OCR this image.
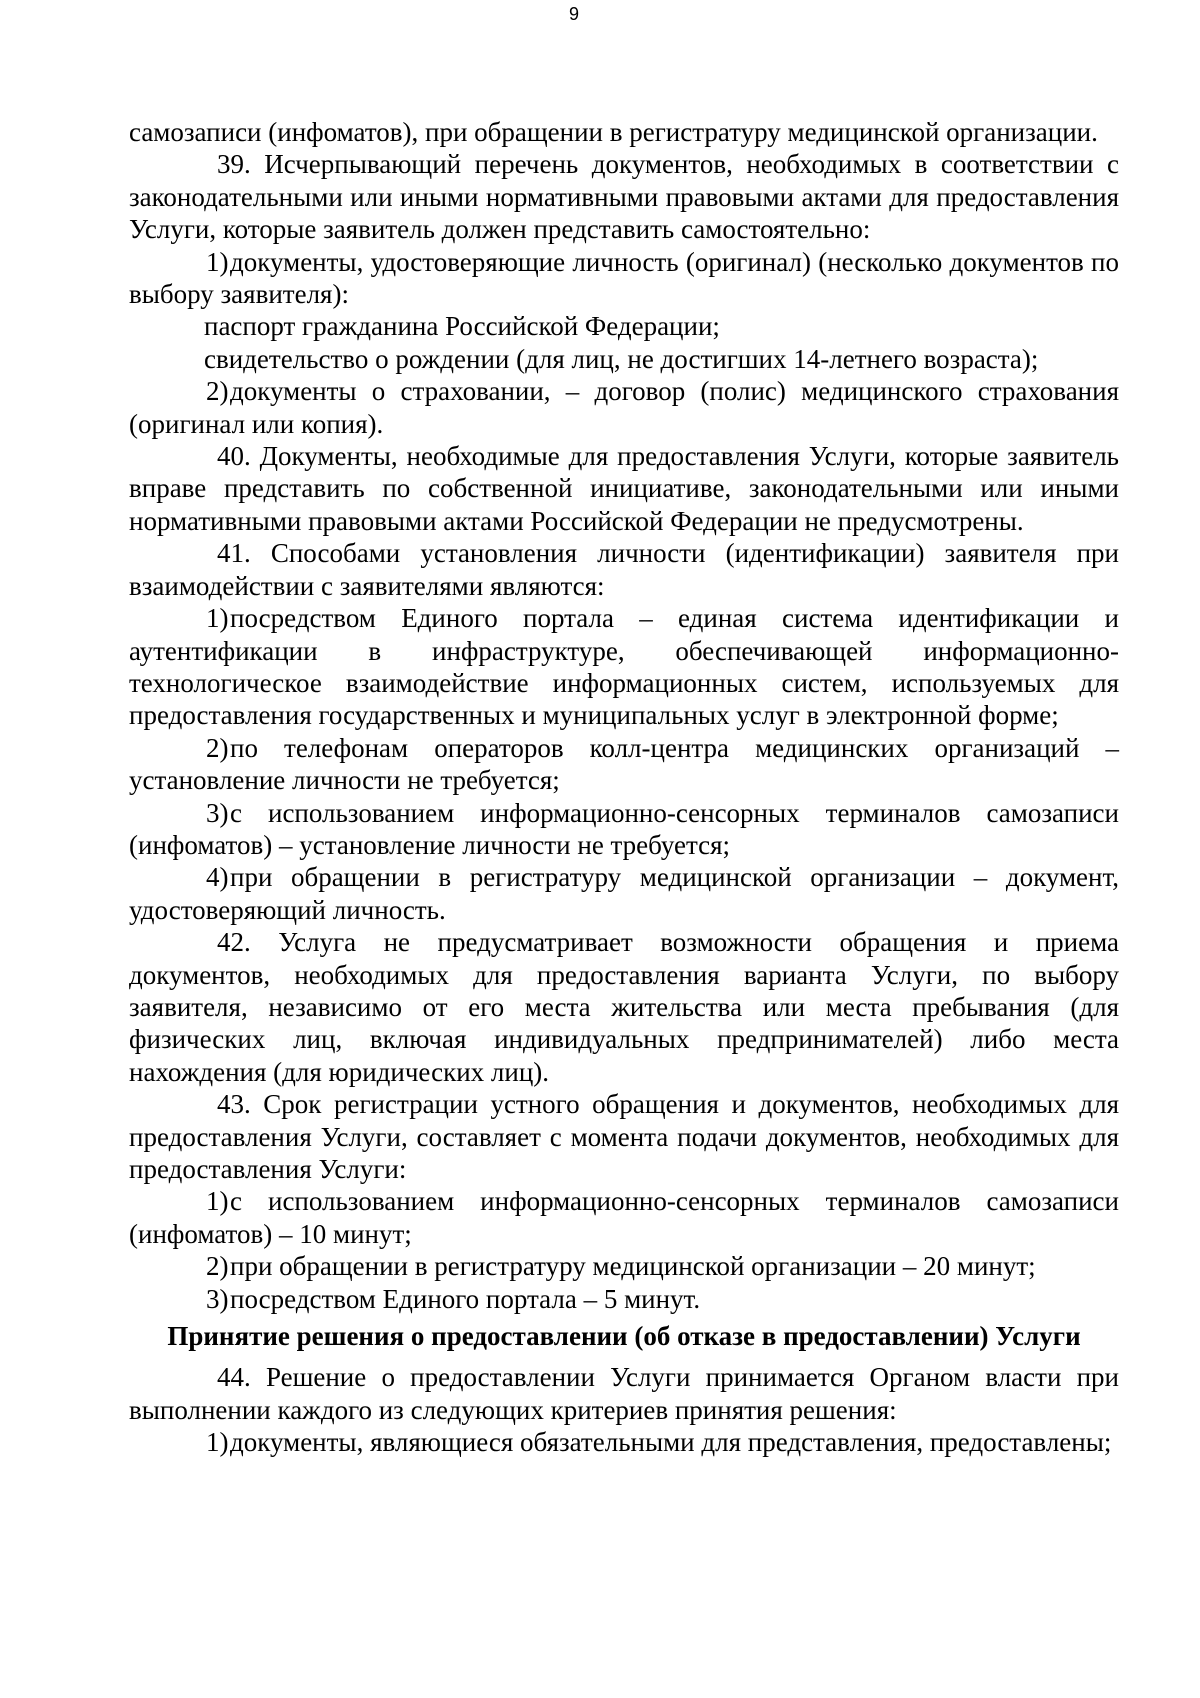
9

самозаписи (инфоматов), при обращении в регистратуру медицинской организации.

39. Исчерпывающий перечень документов, необходимых в соответствии с законодательными или иными нормативными правовыми актами для предоставления Услуги, которые заявитель должен представить самостоятельно:

1)документы, удостоверяющие личность (оригинал) (несколько документов по выбору заявителя):

паспорт гражданина Российской Федерации;

свидетельство о рождении (для лиц, не достигших 14-летнего возраста);

2)документы о страховании, – договор (полис) медицинского страхования (оригинал или копия).

40. Документы, необходимые для предоставления Услуги, которые заявитель вправе представить по собственной инициативе, законодательными или иными нормативными правовыми актами Российской Федерации не предусмотрены.

41. Способами установления личности (идентификации) заявителя при взаимодействии с заявителями являются:

1)посредством Единого портала – единая система идентификации и аутентификации в инфраструктуре, обеспечивающей информационно-технологическое взаимодействие информационных систем, используемых для предоставления государственных и муниципальных услуг в электронной форме;

2)по телефонам операторов колл-центра медицинских организаций – установление личности не требуется;

3)с использованием информационно-сенсорных терминалов самозаписи (инфоматов) – установление личности не требуется;

4)при обращении в регистратуру медицинской организации – документ, удостоверяющий личность.

42. Услуга не предусматривает возможности обращения и приема документов, необходимых для предоставления варианта Услуги, по выбору заявителя, независимо от его места жительства или места пребывания (для физических лиц, включая индивидуальных предпринимателей) либо места нахождения (для юридических лиц).

43. Срок регистрации устного обращения и документов, необходимых для предоставления Услуги, составляет с момента подачи документов, необходимых для предоставления Услуги:

1)с использованием информационно-сенсорных терминалов самозаписи (инфоматов) – 10 минут;

2)при обращении в регистратуру медицинской организации – 20 минут;

3)посредством Единого портала – 5 минут.

Принятие решения о предоставлении (об отказе в предоставлении) Услуги

44. Решение о предоставлении Услуги принимается Органом власти при выполнении каждого из следующих критериев принятия решения:

1)документы, являющиеся обязательными для представления, предоставлены;
